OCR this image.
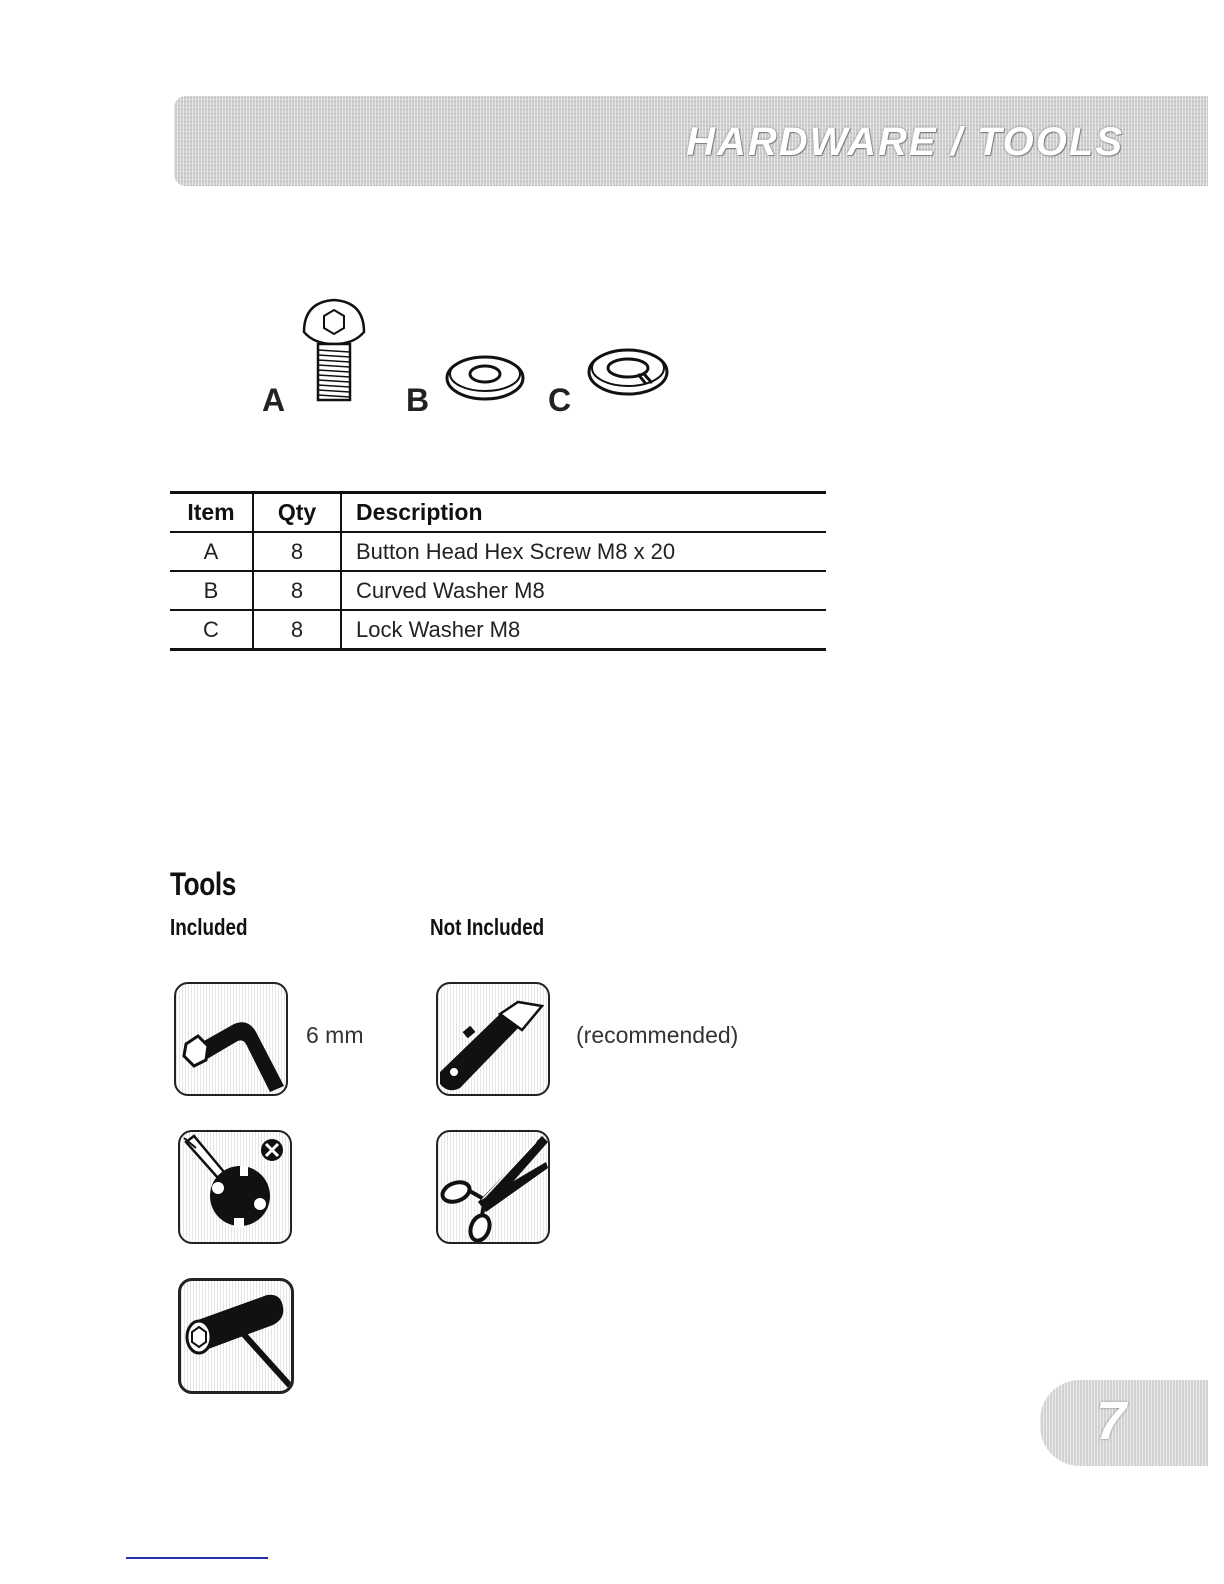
HARDWARE / TOOLS
A	B	C
Item	Qty	Description
A	8	Button Head Hex Screw M8 x 20
B	8	Curved Washer M8
C	8	Lock Washer M8
Tools
Included	Not Included
6 mm	(recommended)
7
